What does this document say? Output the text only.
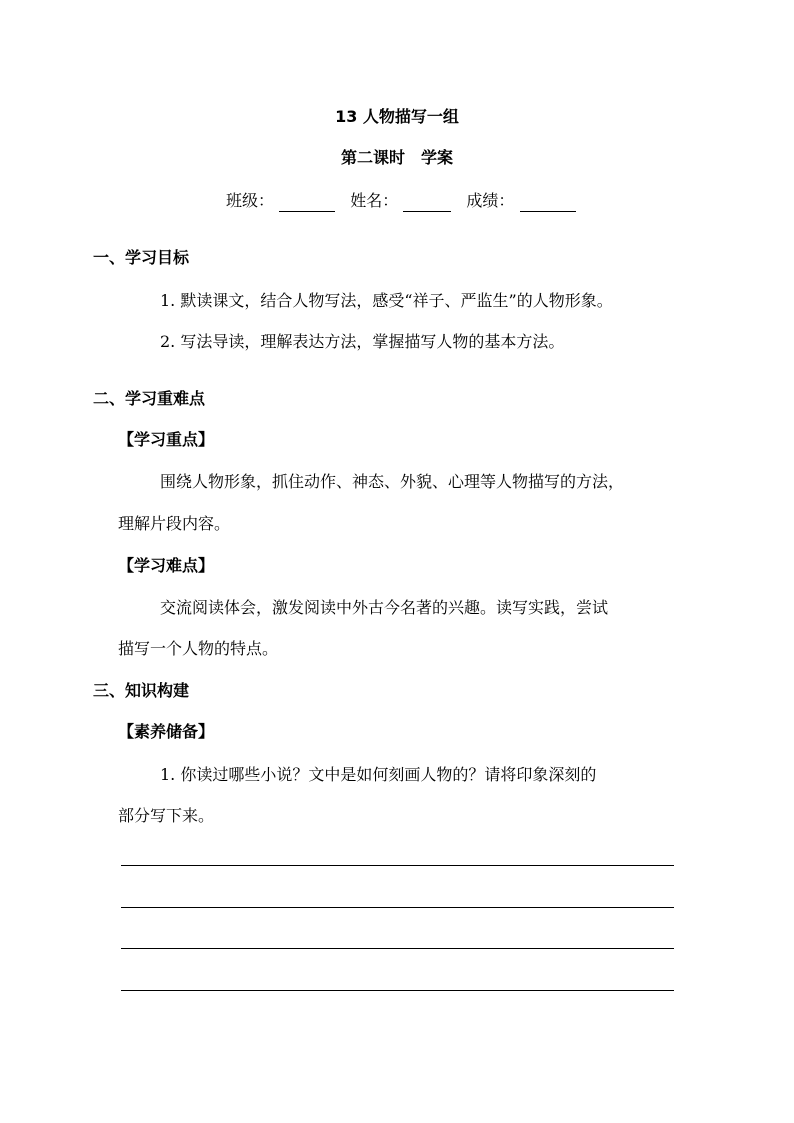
13 人物描写一组
第二课时　学案
班级：	姓名：	成绩：
一、学习目标
1. 默读课文，结合人物写法，感受“祥子、严监生”的人物形象。
2. 写法导读，理解表达方法，掌握描写人物的基本方法。
二、学习重难点
【学习重点】
围绕人物形象，抓住动作、神态、外貌、心理等人物描写的方法，
理解片段内容。
【学习难点】
交流阅读体会，激发阅读中外古今名著的兴趣。读写实践，尝试
描写一个人物的特点。
三、知识构建
【素养储备】
1. 你读过哪些小说？文中是如何刻画人物的？请将印象深刻的
部分写下来。
